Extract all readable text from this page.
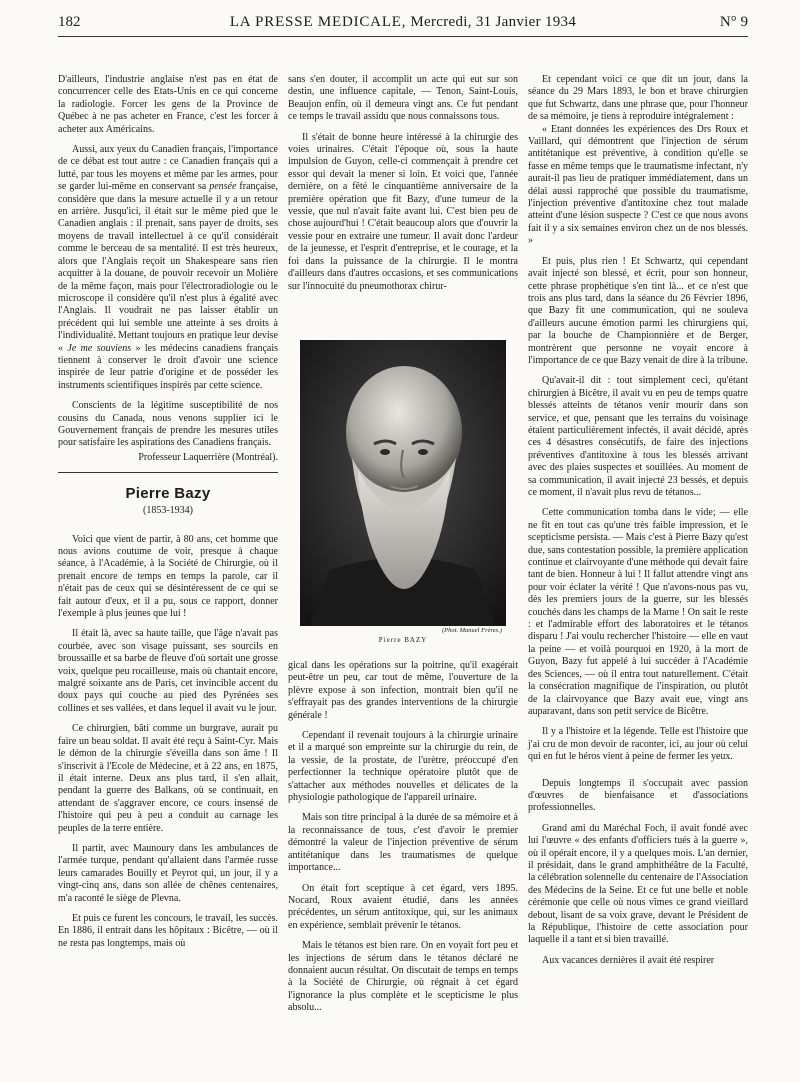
182	LA PRESSE MEDICALE, Mercredi, 31 Janvier 1934	N° 9

D'ailleurs, l'industrie anglaise n'est pas en état de concurrencer celle des Etats-Unis en ce qui concerne la radiologie. Forcer les gens de la Province de Québec à ne pas acheter en France, c'est les forcer à acheter aux Américains.

Aussi, aux yeux du Canadien français, l'importance de ce débat est tout autre : ce Canadien français qui a lutté, par tous les moyens et même par les armes, pour se garder lui-même en conservant sa pensée française, considère que dans la mesure actuelle il y a un retour en arrière. Jusqu'ici, il était sur le même pied que le Canadien anglais : il prenait, sans payer de droits, ses moyens de travail intellectuel à ce qu'il considérait comme le berceau de sa mentalité. Il est très heureux, alors que l'Anglais reçoit un Shakespeare sans rien acquitter à la douane, de pouvoir recevoir un Molière de la même façon, mais pour l'électroradiologie ou le microscope il considère qu'il n'est plus à égalité avec l'Anglais. Il voudrait ne pas laisser établir un précédent qui lui semble une atteinte à ses droits à l'individualité. Mettant toujours en pratique leur devise « Je me souviens » les médecins canadiens français tiennent à conserver le droit d'avoir une science inspirée de leur patrie d'origine et de posséder les instruments scientifiques inspirés par cette science.

Conscients de la légitime susceptibilité de nos cousins du Canada, nous venons supplier ici le Gouvernement français de prendre les mesures utiles pour satisfaire les aspirations des Canadiens français.

Professeur Laquerrière (Montréal).

Pierre Bazy
(1853-1934)

Voici que vient de partir, à 80 ans, cet homme que nous avions coutume de voir, presque à chaque séance, à l'Académie, à la Société de Chirurgie, où il prenait encore de temps en temps la parole, car il n'était pas de ceux qui se désintéressent de ce qui se fait autour d'eux, et il a pu, sous ce rapport, donner l'exemple à plus jeunes que lui !

Il était là, avec sa haute taille, que l'âge n'avait pas courbée, avec son visage puissant, ses sourcils en broussaille et sa barbe de fleuve d'où sortait une grosse voix, quelque peu rocailleuse, mais où chantait encore, malgré soixante ans de Paris, cet invincible accent du doux pays qui couche au pied des Pyrénées ses collines et ses vallées, et dans lequel il avait vu le jour.

Ce chirurgien, bâti comme un burgrave, aurait pu faire un beau soldat. Il avait été reçu à Saint-Cyr. Mais le démon de la chirurgie s'éveilla dans son âme ! Il s'inscrivit à l'Ecole de Médecine, et à 22 ans, en 1875, il était interne. Deux ans plus tard, il s'en allait, pendant la guerre des Balkans, où se continuait, en attendant de s'aggraver encore, ce cours insensé de l'histoire qui peu à peu a conduit au carnage les peuples de la terre entière.

Il partit, avec Maunoury dans les ambulances de l'armée turque, pendant qu'allaient dans l'armée russe leurs camarades Bouilly et Peyrot qui, un jour, il y a vingt-cinq ans, dans son allée de chênes centenaires, m'a raconté le siège de Plevna.

Et puis ce furent les concours, le travail, les succès. En 1886, il entrait dans les hôpitaux : Bicêtre, — où il ne resta pas longtemps, mais où

sans s'en douter, il accomplit un acte qui eut sur son destin, une influence capitale, — Tenon, Saint-Louis, Beaujon enfin, où il demeura vingt ans. Ce fut pendant ce temps le travail assidu que nous connaissons tous.

Il s'était de bonne heure intéressé à la chirurgie des voies urinaires. C'était l'époque où, sous la haute impulsion de Guyon, celle-ci commençait à prendre cet essor qui devait la mener si loin. Et voici que, l'année dernière, on a fêté le cinquantième anniversaire de la première opération que fit Bazy, d'une tumeur de la vessie, que nul n'avait faite avant lui. C'est bien peu de chose aujourd'hui ! C'était beaucoup alors que d'ouvrir la vessie pour en extraire une tumeur. Il avait donc l'ardeur de la jeunesse, et l'esprit d'entreprise, et le courage, et la foi dans la puissance de la chirurgie. Il le montra d'ailleurs dans d'autres occasions, et ses communications sur l'innocuité du pneumothorax chirur-

(Phot. Manuel Frères.)
Pierre BAZY

gical dans les opérations sur la poitrine, qu'il exagérait peut-être un peu, car tout de même, l'ouverture de la plèvre expose à son infection, montrait bien qu'il ne s'effrayait pas des grandes interventions de la chirurgie générale !

Cependant il revenait toujours à la chirurgie urinaire et il a marqué son empreinte sur la chirurgie du rein, de la vessie, de la prostate, de l'urètre, préoccupé d'en perfectionner la technique opératoire plutôt que de s'attacher aux méthodes nouvelles et délicates de la physiologie pathologique de l'appareil urinaire.

Mais son titre principal à la durée de sa mémoire et à la reconnaissance de tous, c'est d'avoir le premier démontré la valeur de l'injection préventive de sérum antitétanique dans les traumatismes de quelque importance...

On était fort sceptique à cet égard, vers 1895. Nocard, Roux avaient étudié, dans les années précédentes, un sérum antitoxique, qui, sur les animaux en expérience, semblait prévenir le tétanos.

Mais le tétanos est bien rare. On en voyait fort peu et les injections de sérum dans le tétanos déclaré ne donnaient aucun résultat. On discutait de temps en temps à la Société de Chirurgie, où régnait à cet égard l'ignorance la plus complète et le scepticisme le plus absolu...

Et cependant voici ce que dit un jour, dans la séance du 29 Mars 1893, le bon et brave chirurgien que fut Schwartz, dans une phrase que, pour l'honneur de sa mémoire, je tiens à reproduire intégralement :

« Etant données les expériences des Drs Roux et Vaillard, qui démontrent que l'injection de sérum antitétanique est préventive, à condition qu'elle se fasse en même temps que le traumatisme infectant, n'y aurait-il pas lieu de pratiquer immédiatement, dans un délai aussi rapproché que possible du traumatisme, l'injection préventive d'antitoxine chez tout malade atteint d'une lésion suspecte ? C'est ce que nous avons fait il y a six semaines environ chez un de nos blessés. »

Et puis, plus rien ! Et Schwartz, qui cependant avait injecté son blessé, et écrit, pour son honneur, cette phrase prophétique s'en tint là... et ce n'est que trois ans plus tard, dans la séance du 26 Février 1896, que Bazy fit une communication, qui ne souleva d'ailleurs aucune émotion parmi les chirurgiens qui, par la bouche de Championnière et de Berger, montrèrent que personne ne voyait encore à l'importance de ce que Bazy venait de dire à la tribune.

Qu'avait-il dit : tout simplement ceci, qu'étant chirurgien à Bicêtre, il avait vu en peu de temps quatre blessés atteints de tétanos venir mourir dans son service, et que, pensant que les terrains du voisinage étaient particulièrement infectés, il avait décidé, après ces 4 désastres consécutifs, de faire des injections préventives d'antitoxine à tous les blessés arrivant avec des plaies suspectes et souillées. Au moment de sa communication, il avait injecté 23 bessés, et depuis ce moment, il n'avait plus revu de tétanos...

Cette communication tomba dans le vide; — elle ne fit en tout cas qu'une très faible impression, et le scepticisme persista. — Mais c'est à Pierre Bazy qu'est due, sans contestation possible, la première application continue et clairvoyante d'une méthode qui devait faire tant de bien. Honneur à lui ! Il fallut attendre vingt ans pour voir éclater la vérité ! Que n'avons-nous pas vu, dès les premiers jours de la guerre, sur les blessés couchés dans les champs de la Marne ! On sait le reste : et l'admirable effort des laboratoires et le tétanos disparu ! J'ai voulu rechercher l'histoire — elle en vaut la peine — et voilà pourquoi en 1920, à la mort de Guyon, Bazy fut appelé à lui succéder à l'Académie des Sciences, — où il entra tout naturellement. C'était la consécration magnifique de l'inspiration, ou plutôt de la clairvoyance que Bazy avait eue, vingt ans auparavant, dans son petit service de Bicêtre.

Il y a l'histoire et la légende. Telle est l'histoire que j'ai cru de mon devoir de raconter, ici, au jour où celui qui en fut le héros vient à peine de fermer les yeux.

Depuis longtemps il s'occupait avec passion d'œuvres de bienfaisance et d'associations professionnelles.

Grand ami du Maréchal Foch, il avait fondé avec lui l'œuvre « des enfants d'officiers tués à la guerre », où il opérait encore, il y a quelques mois. L'an dernier, il présidait, dans le grand amphithéâtre de la Faculté, la célébration solennelle du centenaire de l'Association des Médecins de la Seine. Et ce fut une belle et noble cérémonie que celle où nous vîmes ce grand vieillard debout, lisant de sa voix grave, devant le Président de la République, l'histoire de cette association pour laquelle il a tant et si bien travaillé.

Aux vacances dernières il avait été respirer
